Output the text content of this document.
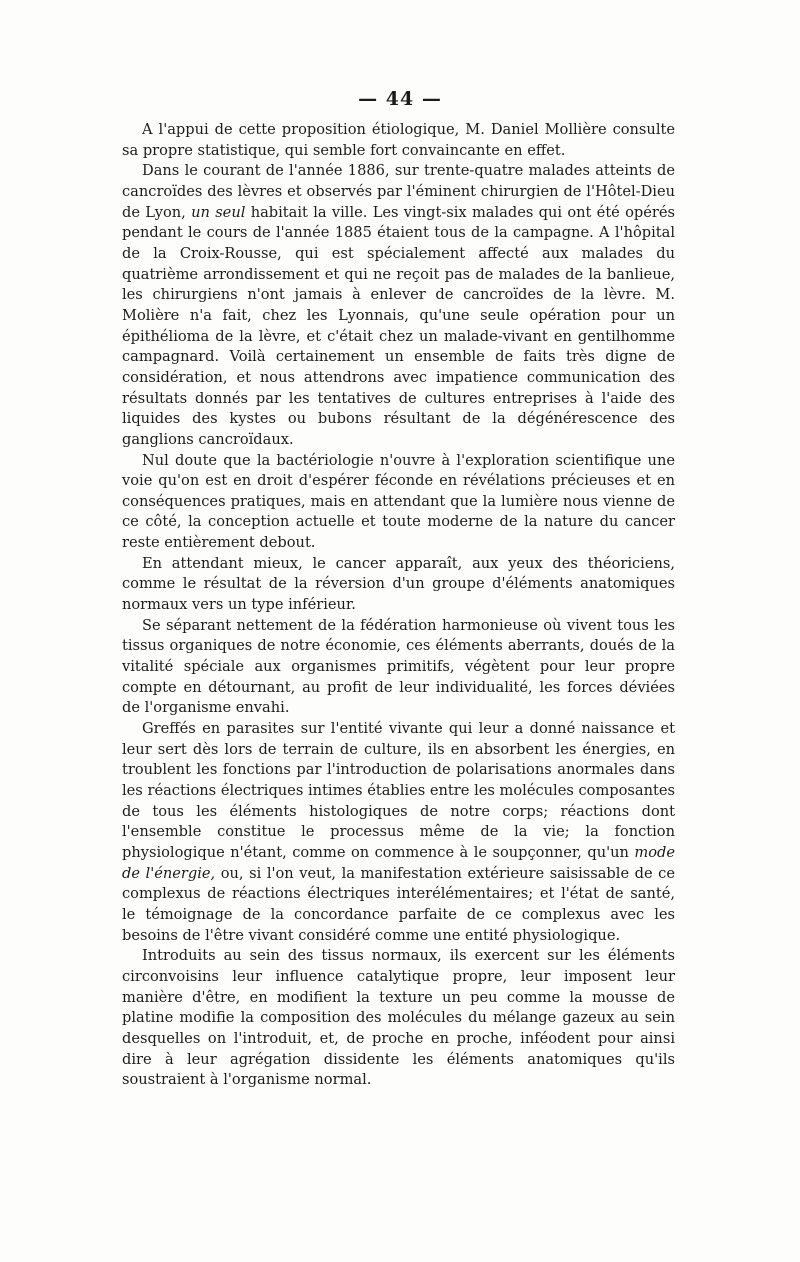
— 44 —

A l'appui de cette proposition étiologique, M. Daniel Mollière consulte sa propre statistique, qui semble fort convaincante en effet.

Dans le courant de l'année 1886, sur trente-quatre malades atteints de cancroïdes des lèvres et observés par l'éminent chirurgien de l'Hôtel-Dieu de Lyon, un seul habitait la ville. Les vingt-six malades qui ont été opérés pendant le cours de l'année 1885 étaient tous de la campagne. A l'hôpital de la Croix-Rousse, qui est spécialement affecté aux malades du quatrième arrondissement et qui ne reçoit pas de malades de la banlieue, les chirurgiens n'ont jamais à enlever de cancroïdes de la lèvre. M. Molière n'a fait, chez les Lyonnais, qu'une seule opération pour un épithélioma de la lèvre, et c'était chez un malade-vivant en gentilhomme campagnard. Voilà certainement un ensemble de faits très digne de considération, et nous attendrons avec impatience communication des résultats donnés par les tentatives de cultures entreprises à l'aide des liquides des kystes ou bubons résultant de la dégénérescence des ganglions cancroïdaux.

Nul doute que la bactériologie n'ouvre à l'exploration scientifique une voie qu'on est en droit d'espérer féconde en révélations précieuses et en conséquences pratiques, mais en attendant que la lumière nous vienne de ce côté, la conception actuelle et toute moderne de la nature du cancer reste entièrement debout.

En attendant mieux, le cancer apparaît, aux yeux des théoriciens, comme le résultat de la réversion d'un groupe d'éléments anatomiques normaux vers un type inférieur.

Se séparant nettement de la fédération harmonieuse où vivent tous les tissus organiques de notre économie, ces éléments aberrants, doués de la vitalité spéciale aux organismes primitifs, végètent pour leur propre compte en détournant, au profit de leur individualité, les forces déviées de l'organisme envahi.

Greffés en parasites sur l'entité vivante qui leur a donné naissance et leur sert dès lors de terrain de culture, ils en absorbent les énergies, en troublent les fonctions par l'introduction de polarisations anormales dans les réactions électriques intimes établies entre les molécules composantes de tous les éléments histologiques de notre corps; réactions dont l'ensemble constitue le processus même de la vie; la fonction physiologique n'étant, comme on commence à le soupçonner, qu'un mode de l'énergie, ou, si l'on veut, la manifestation extérieure saisissable de ce complexus de réactions électriques interélémentaires; et l'état de santé, le témoignage de la concordance parfaite de ce complexus avec les besoins de l'être vivant considéré comme une entité physiologique.

Introduits au sein des tissus normaux, ils exercent sur les éléments circonvoisins leur influence catalytique propre, leur imposent leur manière d'être, en modifient la texture un peu comme la mousse de platine modifie la composition des molécules du mélange gazeux au sein desquelles on l'introduit, et, de proche en proche, inféodent pour ainsi dire à leur agrégation dissidente les éléments anatomiques qu'ils soustraient à l'organisme normal.
